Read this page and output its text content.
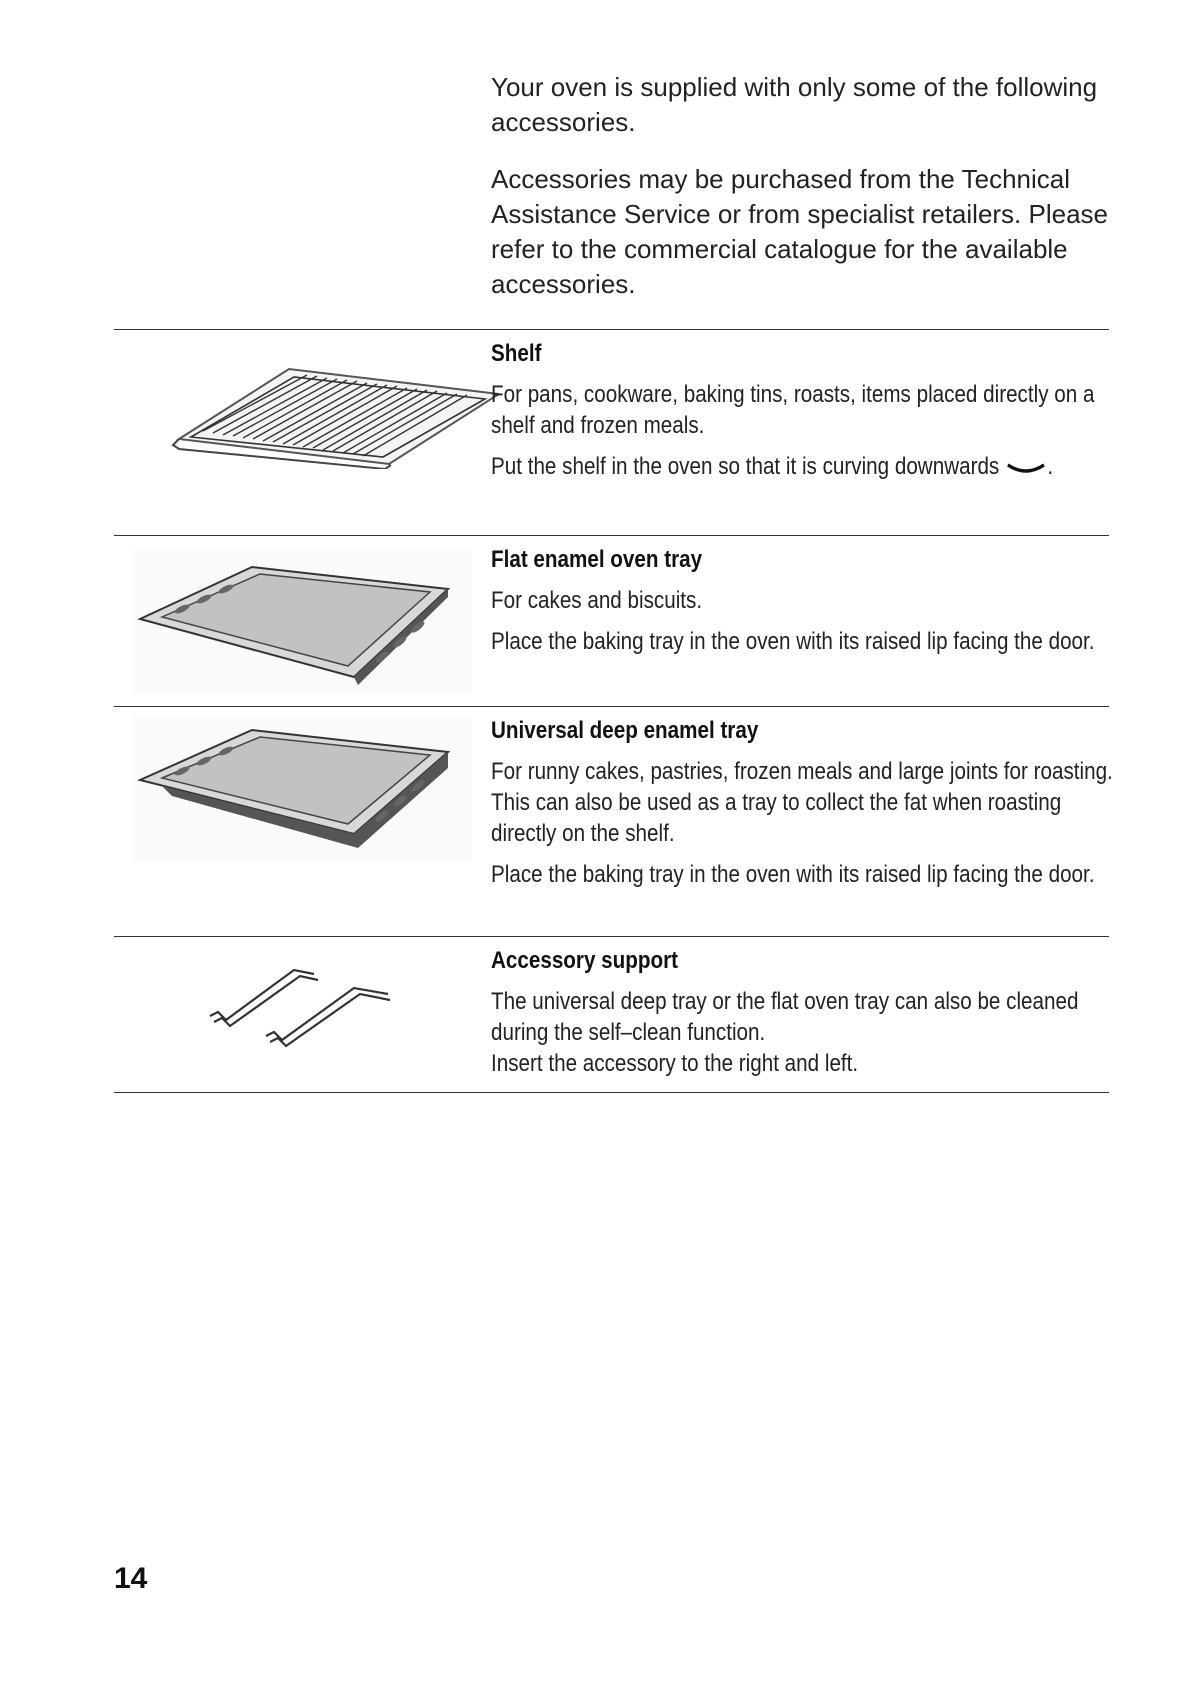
Your oven is supplied with only some of the following accessories.

Accessories may be purchased from the Technical Assistance Service or from specialist retailers. Please refer to the commercial catalogue for the available accessories.

Shelf

For pans, cookware, baking tins, roasts, items placed directly on a shelf and frozen meals.

Put the shelf in the oven so that it is curving downwards .

Flat enamel oven tray

For cakes and biscuits.

Place the baking tray in the oven with its raised lip facing the door.

Universal deep enamel tray

For runny cakes, pastries, frozen meals and large joints for roasting. This can also be used as a tray to collect the fat when roasting directly on the shelf.

Place the baking tray in the oven with its raised lip facing the door.

Accessory support

The universal deep tray or the flat oven tray can also be cleaned during the self–clean function.

Insert the accessory to the right and left.

14
